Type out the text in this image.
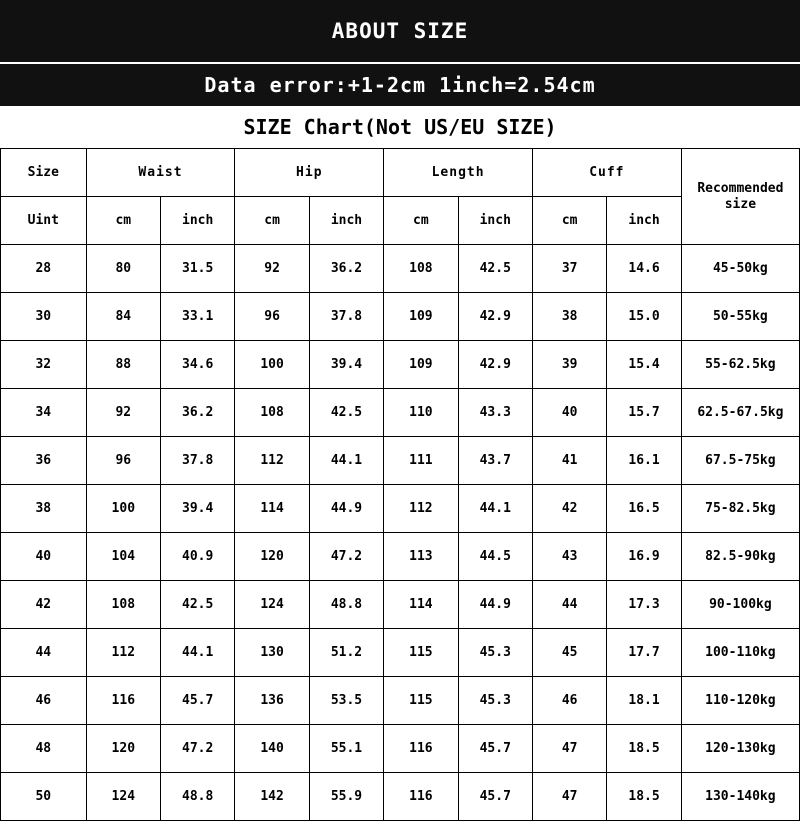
ABOUT SIZE
Data error:+1-2cm 1inch=2.54cm
SIZE Chart(Not US/EU SIZE)
Size	Waist		Hip		Length		Cuff		Recommended size
Uint	cm	inch	cm	inch	cm	inch	cm	inch	
28	80	31.5	92	36.2	108	42.5	37	14.6	45-50kg
30	84	33.1	96	37.8	109	42.9	38	15.0	50-55kg
32	88	34.6	100	39.4	109	42.9	39	15.4	55-62.5kg
34	92	36.2	108	42.5	110	43.3	40	15.7	62.5-67.5kg
36	96	37.8	112	44.1	111	43.7	41	16.1	67.5-75kg
38	100	39.4	114	44.9	112	44.1	42	16.5	75-82.5kg
40	104	40.9	120	47.2	113	44.5	43	16.9	82.5-90kg
42	108	42.5	124	48.8	114	44.9	44	17.3	90-100kg
44	112	44.1	130	51.2	115	45.3	45	17.7	100-110kg
46	116	45.7	136	53.5	115	45.3	46	18.1	110-120kg
48	120	47.2	140	55.1	116	45.7	47	18.5	120-130kg
50	124	48.8	142	55.9	116	45.7	47	18.5	130-140kg
